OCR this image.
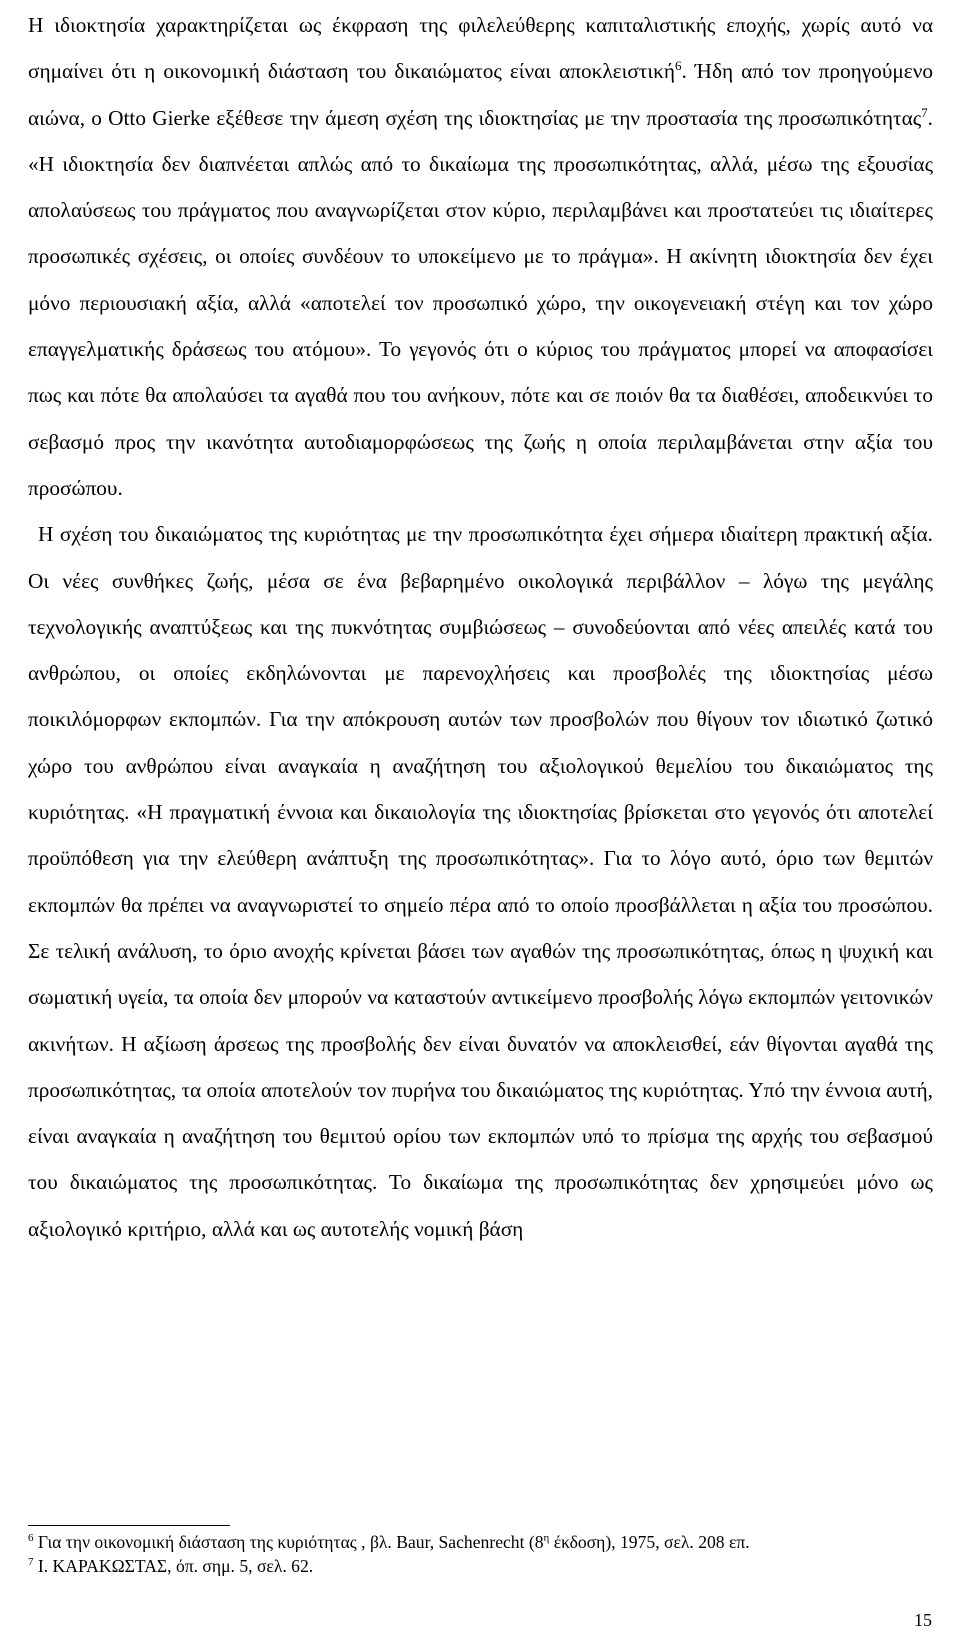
Η ιδιοκτησία χαρακτηρίζεται ως έκφραση της φιλελεύθερης καπιταλιστικής εποχής, χωρίς αυτό να σημαίνει ότι η οικονομική διάσταση του δικαιώματος είναι αποκλειστική$^6$. Ήδη από τον προηγούμενο αιώνα, ο Otto Gierke εξέθεσε την άμεση σχέση της ιδιοκτησίας με την προστασία της προσωπικότητας$^7$. «Η ιδιοκτησία δεν διαπνέεται απλώς από το δικαίωμα της προσωπικότητας, αλλά, μέσω της εξουσίας απολαύσεως του πράγματος που αναγνωρίζεται στον κύριο, περιλαμβάνει και προστατεύει τις ιδιαίτερες προσωπικές σχέσεις, οι οποίες συνδέουν το υποκείμενο με το πράγμα». Η ακίνητη ιδιοκτησία δεν έχει μόνο περιουσιακή αξία, αλλά «αποτελεί τον προσωπικό χώρο, την οικογενειακή στέγη και τον χώρο επαγγελματικής δράσεως του ατόμου». Το γεγονός ότι ο κύριος του πράγματος μπορεί να αποφασίσει πως και πότε θα απολαύσει τα αγαθά που του ανήκουν, πότε και σε ποιόν θα τα διαθέσει, αποδεικνύει το σεβασμό προς την ικανότητα αυτοδιαμορφώσεως της ζωής η οποία περιλαμβάνεται στην αξία του προσώπου.

Η σχέση του δικαιώματος της κυριότητας με την προσωπικότητα έχει σήμερα ιδιαίτερη πρακτική αξία. Οι νέες συνθήκες ζωής, μέσα σε ένα βεβαρημένο οικολογικά περιβάλλον – λόγω της μεγάλης τεχνολογικής αναπτύξεως και της πυκνότητας συμβιώσεως – συνοδεύονται από νέες απειλές κατά του ανθρώπου, οι οποίες εκδηλώνονται με παρενοχλήσεις και προσβολές της ιδιοκτησίας μέσω ποικιλόμορφων εκπομπών. Για την απόκρουση αυτών των προσβολών που θίγουν τον ιδιωτικό ζωτικό χώρο του ανθρώπου είναι αναγκαία η αναζήτηση του αξιολογικού θεμελίου του δικαιώματος της κυριότητας. «Η πραγματική έννοια και δικαιολογία της ιδιοκτησίας βρίσκεται στο γεγονός ότι αποτελεί προϋπόθεση για την ελεύθερη ανάπτυξη της προσωπικότητας». Για το λόγο αυτό, όριο των θεμιτών εκπομπών θα πρέπει να αναγνωριστεί το σημείο πέρα από το οποίο προσβάλλεται η αξία του προσώπου. Σε τελική ανάλυση, το όριο ανοχής κρίνεται βάσει των αγαθών της προσωπικότητας, όπως η ψυχική και σωματική υγεία, τα οποία δεν μπορούν να καταστούν αντικείμενο προσβολής λόγω εκπομπών γειτονικών ακινήτων. Η αξίωση άρσεως της προσβολής δεν είναι δυνατόν να αποκλεισθεί, εάν θίγονται αγαθά της προσωπικότητας, τα οποία αποτελούν τον πυρήνα του δικαιώματος της κυριότητας. Υπό την έννοια αυτή, είναι αναγκαία η αναζήτηση του θεμιτού ορίου των εκπομπών υπό το πρίσμα της αρχής του σεβασμού του δικαιώματος της προσωπικότητας. Το δικαίωμα της προσωπικότητας δεν χρησιμεύει μόνο ως αξιολογικό κριτήριο, αλλά και ως αυτοτελής νομική βάση

$^6$ Για την οικονομική διάσταση της κυριότητας , βλ. Baur, Sachenrecht ($8^\eta$ έκδοση), 1975, σελ. 208 επ.

$^7$ Ι. ΚΑΡΑΚΩΣΤΑΣ, όπ. σημ. 5, σελ. 62.

15
